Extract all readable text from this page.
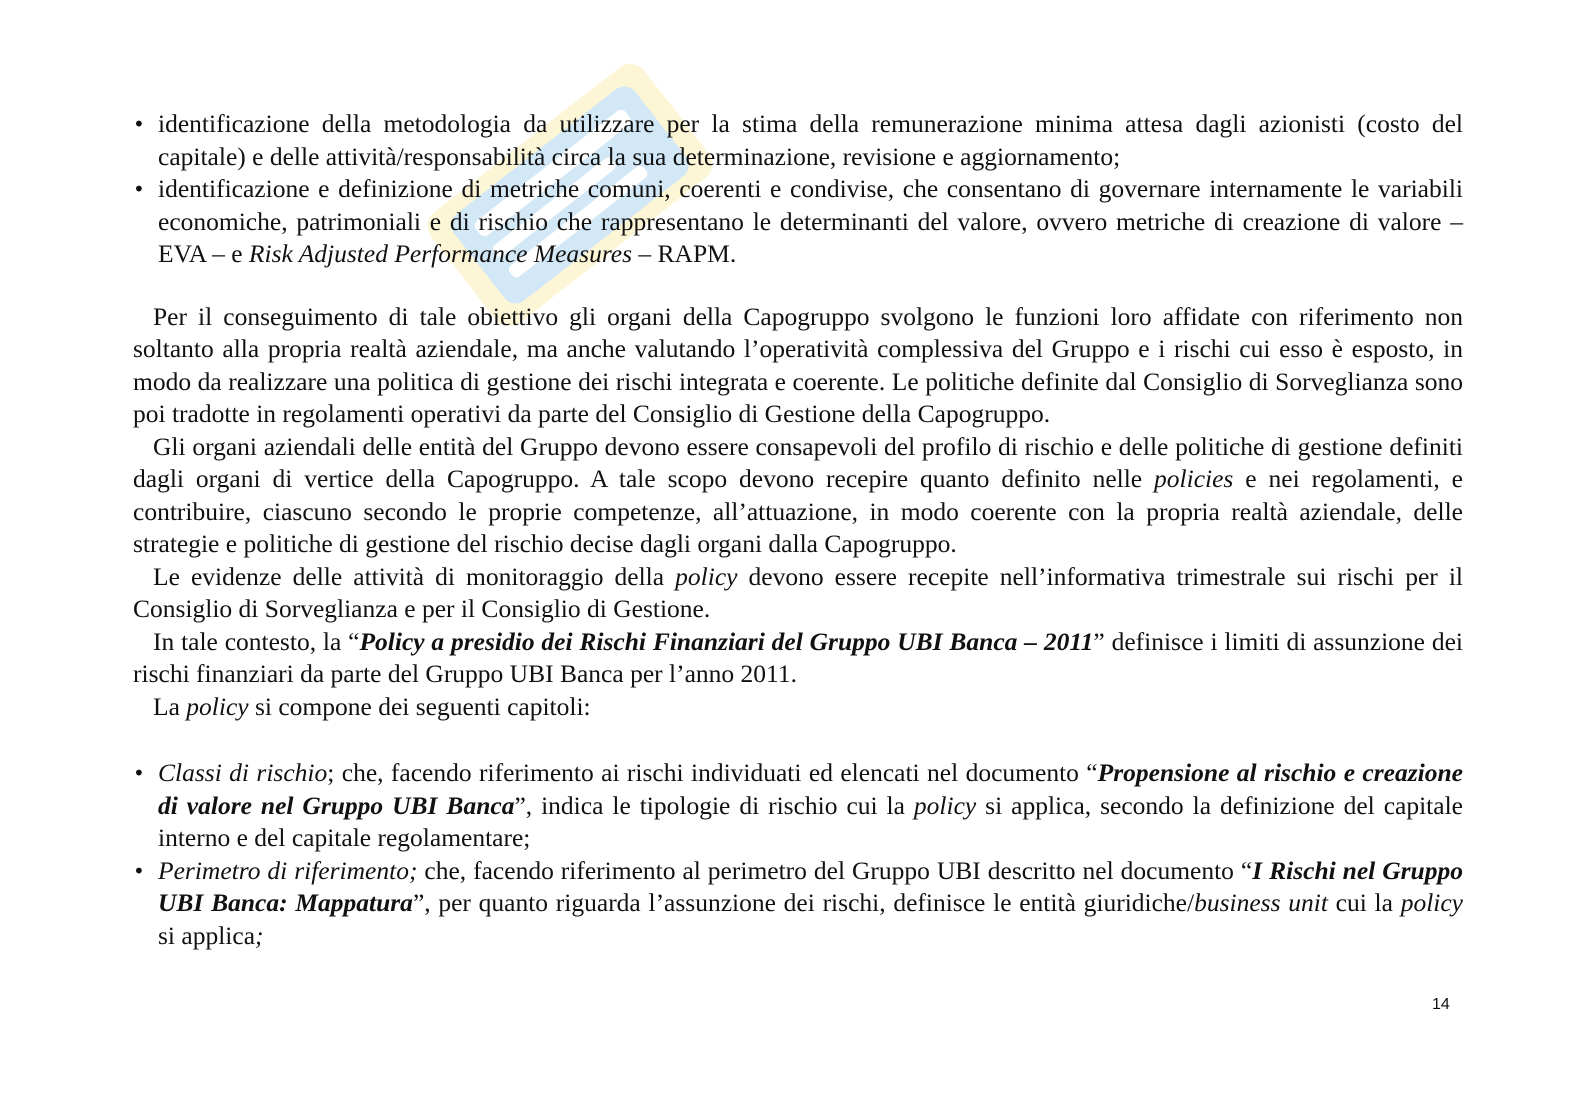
• identificazione della metodologia da utilizzare per la stima della remunerazione minima attesa dagli azionisti (costo del capitale) e delle attività/responsabilità circa la sua determinazione, revisione e aggiornamento;
• identificazione e definizione di metriche comuni, coerenti e condivise, che consentano di governare internamente le variabili economiche, patrimoniali e di rischio che rappresentano le determinanti del valore, ovvero metriche di creazione di valore – EVA – e Risk Adjusted Performance Measures – RAPM.

Per il conseguimento di tale obiettivo gli organi della Capogruppo svolgono le funzioni loro affidate con riferimento non soltanto alla propria realtà aziendale, ma anche valutando l’operatività complessiva del Gruppo e i rischi cui esso è esposto, in modo da realizzare una politica di gestione dei rischi integrata e coerente. Le politiche definite dal Consiglio di Sorveglianza sono poi tradotte in regolamenti operativi da parte del Consiglio di Gestione della Capogruppo.

Gli organi aziendali delle entità del Gruppo devono essere consapevoli del profilo di rischio e delle politiche di gestione definiti dagli organi di vertice della Capogruppo. A tale scopo devono recepire quanto definito nelle policies e nei regolamenti, e contribuire, ciascuno secondo le proprie competenze, all’attuazione, in modo coerente con la propria realtà aziendale, delle strategie e politiche di gestione del rischio decise dagli organi dalla Capogruppo.

Le evidenze delle attività di monitoraggio della policy devono essere recepite nell’informativa trimestrale sui rischi per il Consiglio di Sorveglianza e per il Consiglio di Gestione.

In tale contesto, la “Policy a presidio dei Rischi Finanziari del Gruppo UBI Banca – 2011” definisce i limiti di assunzione dei rischi finanziari da parte del Gruppo UBI Banca per l’anno 2011.

La policy si compone dei seguenti capitoli:

• Classi di rischio; che, facendo riferimento ai rischi individuati ed elencati nel documento “Propensione al rischio e creazione di valore nel Gruppo UBI Banca”, indica le tipologie di rischio cui la policy si applica, secondo la definizione del capitale interno e del capitale regolamentare;
• Perimetro di riferimento; che, facendo riferimento al perimetro del Gruppo UBI descritto nel documento “I Rischi nel Gruppo UBI Banca: Mappatura”, per quanto riguarda l’assunzione dei rischi, definisce le entità giuridiche/business unit cui la policy si applica;
14
